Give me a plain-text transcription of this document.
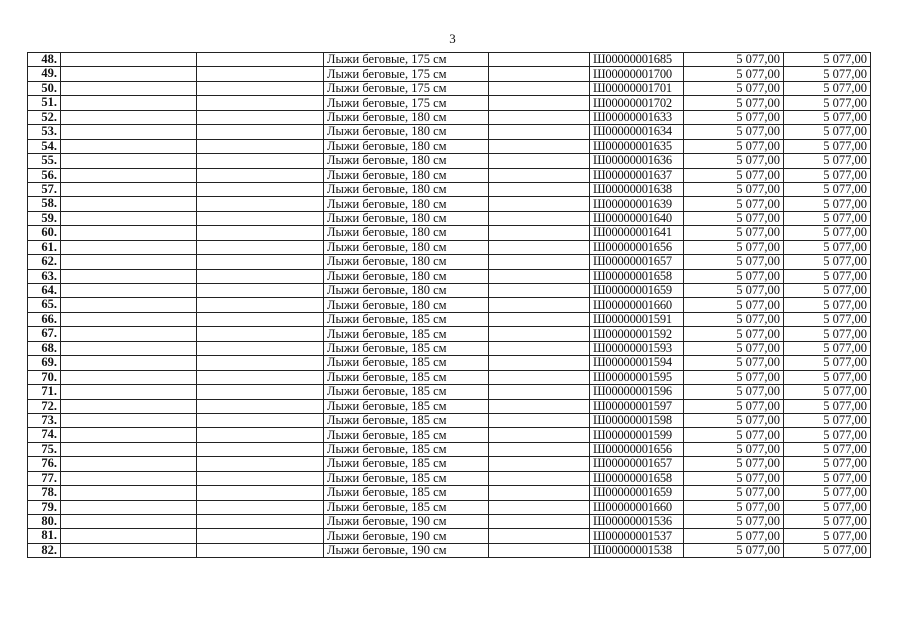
3
48.			Лыжи беговые, 175 см		Ш00000001685	5 077,00	5 077,00
49.			Лыжи беговые, 175 см		Ш00000001700	5 077,00	5 077,00
50.			Лыжи беговые, 175 см		Ш00000001701	5 077,00	5 077,00
51.			Лыжи беговые, 175 см		Ш00000001702	5 077,00	5 077,00
52.			Лыжи беговые, 180 см		Ш00000001633	5 077,00	5 077,00
53.			Лыжи беговые, 180 см		Ш00000001634	5 077,00	5 077,00
54.			Лыжи беговые, 180 см		Ш00000001635	5 077,00	5 077,00
55.			Лыжи беговые, 180 см		Ш00000001636	5 077,00	5 077,00
56.			Лыжи беговые, 180 см		Ш00000001637	5 077,00	5 077,00
57.			Лыжи беговые, 180 см		Ш00000001638	5 077,00	5 077,00
58.			Лыжи беговые, 180 см		Ш00000001639	5 077,00	5 077,00
59.			Лыжи беговые, 180 см		Ш00000001640	5 077,00	5 077,00
60.			Лыжи беговые, 180 см		Ш00000001641	5 077,00	5 077,00
61.			Лыжи беговые, 180 см		Ш00000001656	5 077,00	5 077,00
62.			Лыжи беговые, 180 см		Ш00000001657	5 077,00	5 077,00
63.			Лыжи беговые, 180 см		Ш00000001658	5 077,00	5 077,00
64.			Лыжи беговые, 180 см		Ш00000001659	5 077,00	5 077,00
65.			Лыжи беговые, 180 см		Ш00000001660	5 077,00	5 077,00
66.			Лыжи беговые, 185 см		Ш00000001591	5 077,00	5 077,00
67.			Лыжи беговые, 185 см		Ш00000001592	5 077,00	5 077,00
68.			Лыжи беговые, 185 см		Ш00000001593	5 077,00	5 077,00
69.			Лыжи беговые, 185 см		Ш00000001594	5 077,00	5 077,00
70.			Лыжи беговые, 185 см		Ш00000001595	5 077,00	5 077,00
71.			Лыжи беговые, 185 см		Ш00000001596	5 077,00	5 077,00
72.			Лыжи беговые, 185 см		Ш00000001597	5 077,00	5 077,00
73.			Лыжи беговые, 185 см		Ш00000001598	5 077,00	5 077,00
74.			Лыжи беговые, 185 см		Ш00000001599	5 077,00	5 077,00
75.			Лыжи беговые, 185 см		Ш00000001656	5 077,00	5 077,00
76.			Лыжи беговые, 185 см		Ш00000001657	5 077,00	5 077,00
77.			Лыжи беговые, 185 см		Ш00000001658	5 077,00	5 077,00
78.			Лыжи беговые, 185 см		Ш00000001659	5 077,00	5 077,00
79.			Лыжи беговые, 185 см		Ш00000001660	5 077,00	5 077,00
80.			Лыжи беговые, 190 см		Ш00000001536	5 077,00	5 077,00
81.			Лыжи беговые, 190 см		Ш00000001537	5 077,00	5 077,00
82.			Лыжи беговые, 190 см		Ш00000001538	5 077,00	5 077,00
